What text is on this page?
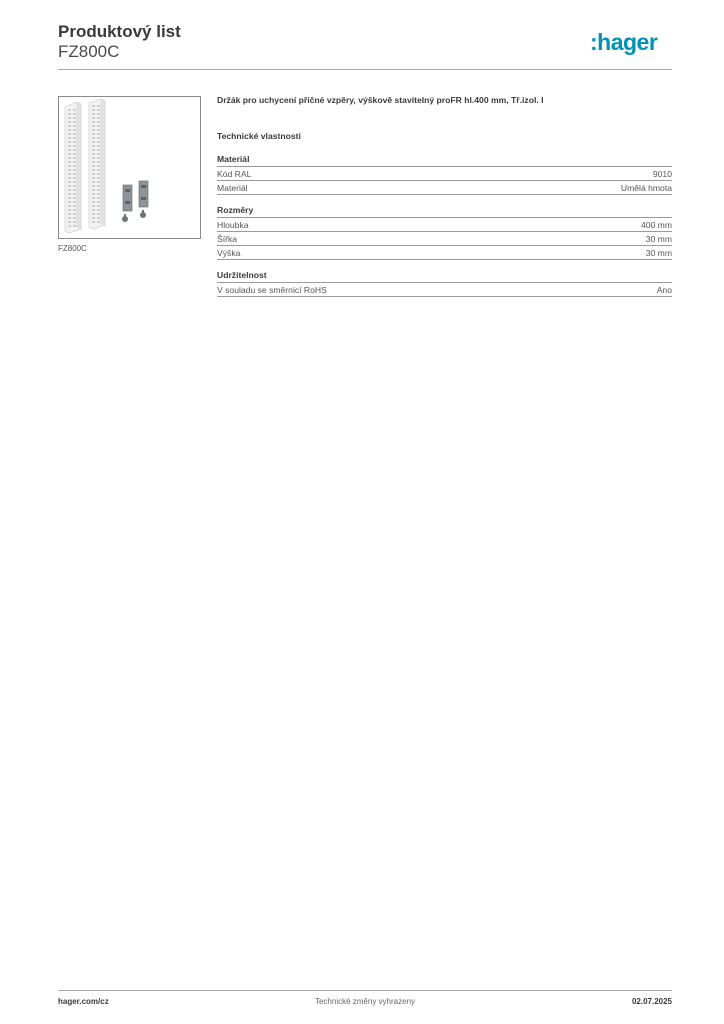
Produktový list
FZ800C	:hager
FZ800C
Držák pro uchycení příčné vzpěry, výškově stavitelný proFR hl.400 mm, Tř.izol. I
Technické vlastnosti
Materiál
Kód RAL	9010
Materiál	Umělá hmota
Rozměry
Hloubka	400 mm
Šířka	30 mm
Výška	30 mm
Udržitelnost
V souladu se směrnicí RoHS	Ano
hager.com/cz	Technické změny vyhrazeny	02.07.2025
